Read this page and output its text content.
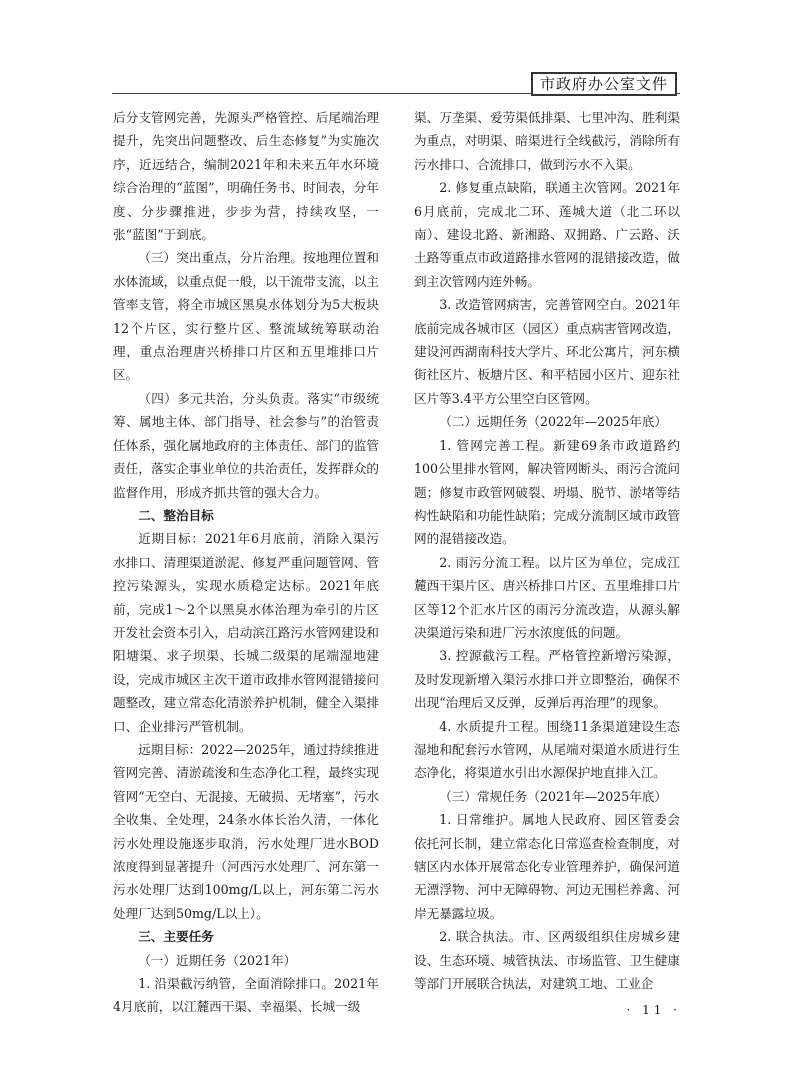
市政府办公室文件

后分支管网完善，先源头严格管控、后尾端治理提升，先突出问题整改、后生态修复”为实施次序，近远结合，编制2021年和未来五年水环境综合治理的“蓝图”，明确任务书、时间表，分年度、分步骤推进，步步为营，持续攻坚，一张“蓝图”于到底。

（三）突出重点，分片治理。按地理位置和水体流域，以重点促一般，以干流带支流，以主管率支管，将全市城区黑臭水体划分为5大板块12个片区，实行整片区、整流域统筹联动治理，重点治理唐兴桥排口片区和五里堆排口片区。

（四）多元共治，分头负责。落实“市级统筹、属地主体、部门指导、社会参与”的治管责任体系，强化属地政府的主体责任、部门的监管责任，落实企事业单位的共治责任，发挥群众的监督作用，形成齐抓共管的强大合力。

二、整治目标

近期目标：2021年6月底前，消除入渠污水排口、清理渠道淤泥、修复严重问题管网、管控污染源头，实现水质稳定达标。2021年底前，完成1～2个以黑臭水体治理为牵引的片区开发社会资本引入，启动滨江路污水管网建设和阳塘渠、求子坝渠、长城二级渠的尾端湿地建设，完成市城区主次干道市政排水管网混错接问题整改，建立常态化清淤养护机制，健全入渠排口、企业排污严管机制。

远期目标：2022—2025年，通过持续推进管网完善、清淤疏浚和生态净化工程，最终实现管网“无空白、无混接、无破损、无堵塞”，污水全收集、全处理，24条水体长治久清，一体化污水处理设施逐步取消，污水处理厂进水BOD浓度得到显著提升（河西污水处理厂、河东第一污水处理厂达到100mg/L以上，河东第二污水处理厂达到50mg/L以上）。

三、主要任务

（一）近期任务（2021年）

1. 沿渠截污纳管，全面消除排口。2021年4月底前，以江麓西干渠、幸福渠、长城一级

渠、万垄渠、爱劳渠低排渠、七里冲沟、胜利渠为重点，对明渠、暗渠进行全线截污，消除所有污水排口、合流排口，做到污水不入渠。

2. 修复重点缺陷，联通主次管网。2021年6月底前，完成北二环、莲城大道（北二环以南）、建设北路、新湘路、双拥路、广云路、沃土路等重点市政道路排水管网的混错接改造，做到主次管网内连外畅。

3. 改造管网病害，完善管网空白。2021年底前完成各城市区（园区）重点病害管网改造，建设河西湖南科技大学片、环北公寓片，河东横街社区片、板塘片区、和平桔园小区片、迎东社区片等3.4平方公里空白区管网。

（二）远期任务（2022年—2025年底）

1. 管网完善工程。新建69条市政道路约100公里排水管网，解决管网断头、雨污合流问题；修复市政管网破裂、坍塌、脱节、淤堵等结构性缺陷和功能性缺陷；完成分流制区域市政管网的混错接改造。

2. 雨污分流工程。以片区为单位，完成江麓西干渠片区、唐兴桥排口片区、五里堆排口片区等12个汇水片区的雨污分流改造，从源头解决渠道污染和进厂污水浓度低的问题。

3. 控源截污工程。严格管控新增污染源，及时发现新增入渠污水排口并立即整治，确保不出现“治理后又反弹，反弹后再治理”的现象。

4. 水质提升工程。围绕11条渠道建设生态湿地和配套污水管网，从尾端对渠道水质进行生态净化，将渠道水引出水源保护地直排入江。

（三）常规任务（2021年—2025年底）

1. 日常维护。属地人民政府、园区管委会依托河长制，建立常态化日常巡查检查制度，对辖区内水体开展常态化专业管理养护，确保河道无漂浮物、河中无障碍物、河边无围栏养禽、河岸无暴露垃圾。

2. 联合执法。市、区两级组织住房城乡建设、生态环境、城管执法、市场监管、卫生健康等部门开展联合执法，对建筑工地、工业企

· 11 ·
